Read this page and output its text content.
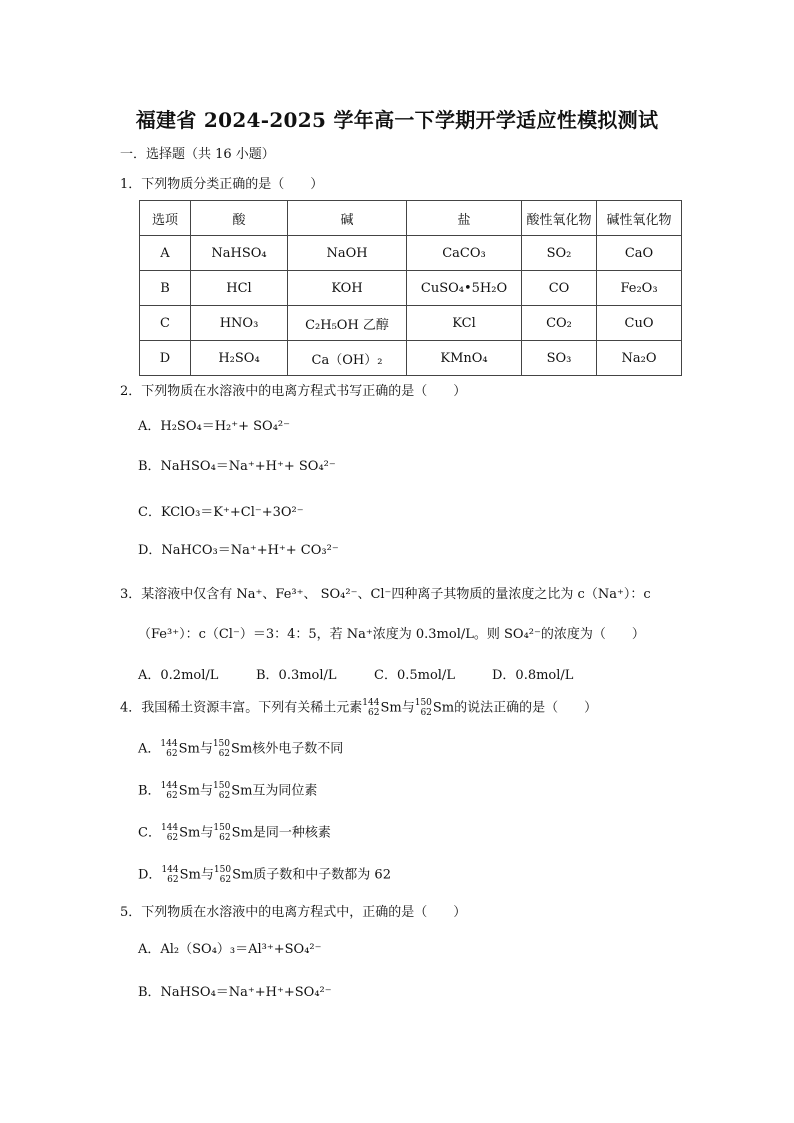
福建省 2024-2025 学年高一下学期开学适应性模拟测试
一．选择题（共 16 小题）
1．下列物质分类正确的是（　　）
选项	酸	碱	盐	酸性氧化物	碱性氧化物
A	NaHSO₄	NaOH	CaCO₃	SO₂	CaO
B	HCl	KOH	CuSO₄•5H₂O	CO	Fe₂O₃
C	HNO₃	C₂H₅OH 乙醇	KCl	CO₂	CuO
D	H₂SO₄	Ca（OH）₂	KMnO₄	SO₃	Na₂O
2．下列物质在水溶液中的电离方程式书写正确的是（　　）
A．H₂SO₄＝H₂⁺+ SO₄²⁻
B．NaHSO₄＝Na⁺+H⁺+ SO₄²⁻
C．KClO₃＝K⁺+Cl⁻+3O²⁻
D．NaHCO₃＝Na⁺+H⁺+ CO₃²⁻
3．某溶液中仅含有 Na⁺、Fe³⁺、 SO₄²⁻、Cl⁻四种离子其物质的量浓度之比为 c（Na⁺）：c
（Fe³⁺）：c（Cl⁻）＝3：4：5，若 Na⁺浓度为 0.3mol/L。则 SO₄²⁻的浓度为（　　）
A．0.2mol/L	B．0.3mol/L	C．0.5mol/L	D．0.8mol/L
4．我国稀土资源丰富。下列有关稀土元素 144
62 Sm与 150
62 Sm的说法正确的是（　　）
A． 144
62 Sm与 150
62 Sm核外电子数不同
B． 144
62 Sm与 150
62 Sm互为同位素
C． 144
62 Sm与 150
62 Sm是同一种核素
D． 144
62 Sm与 150
62 Sm质子数和中子数都为 62
5．下列物质在水溶液中的电离方程式中，正确的是（　　）
A．Al₂（SO₄）₃＝Al³⁺+SO₄²⁻
B．NaHSO₄＝Na⁺+H⁺+SO₄²⁻
